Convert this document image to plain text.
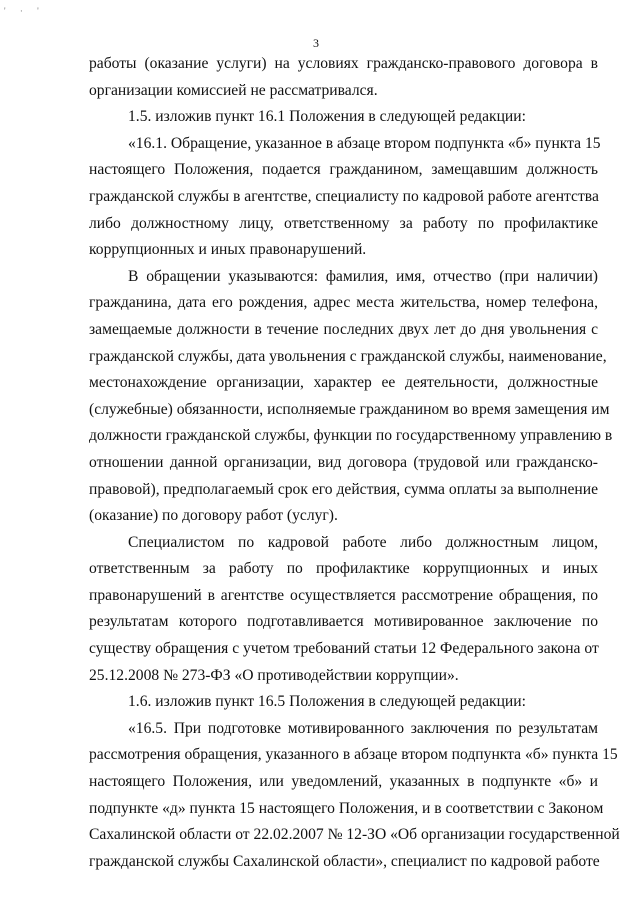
' · '
3
работы (оказание услуги) на условиях гражданско-правового договора в
организации комиссией не рассматривался.
1.5. изложив пункт 16.1 Положения в следующей редакции:
«16.1. Обращение, указанное в абзаце втором подпункта «б» пункта 15
настоящего Положения, подается гражданином, замещавшим должность
гражданской службы в агентстве, специалисту по кадровой работе агентства
либо должностному лицу, ответственному за работу по профилактике
коррупционных и иных правонарушений.
В обращении указываются: фамилия, имя, отчество (при наличии)
гражданина, дата его рождения, адрес места жительства, номер телефона,
замещаемые должности в течение последних двух лет до дня увольнения с
гражданской службы, дата увольнения с гражданской службы, наименование,
местонахождение организации, характер ее деятельности, должностные
(служебные) обязанности, исполняемые гражданином во время замещения им
должности гражданской службы, функции по государственному управлению в
отношении данной организации, вид договора (трудовой или гражданско-
правовой), предполагаемый срок его действия, сумма оплаты за выполнение
(оказание) по договору работ (услуг).
Специалистом по кадровой работе либо должностным лицом,
ответственным за работу по профилактике коррупционных и иных
правонарушений в агентстве осуществляется рассмотрение обращения, по
результатам которого подготавливается мотивированное заключение по
существу обращения с учетом требований статьи 12 Федерального закона от
25.12.2008 № 273-ФЗ «О противодействии коррупции».
1.6. изложив пункт 16.5 Положения в следующей редакции:
«16.5. При подготовке мотивированного заключения по результатам
рассмотрения обращения, указанного в абзаце втором подпункта «б» пункта 15
настоящего Положения, или уведомлений, указанных в подпункте «б» и
подпункте «д» пункта 15 настоящего Положения, и в соответствии с Законом
Сахалинской области от 22.02.2007 № 12-ЗО «Об организации государственной
гражданской службы Сахалинской области», специалист по кадровой работе
